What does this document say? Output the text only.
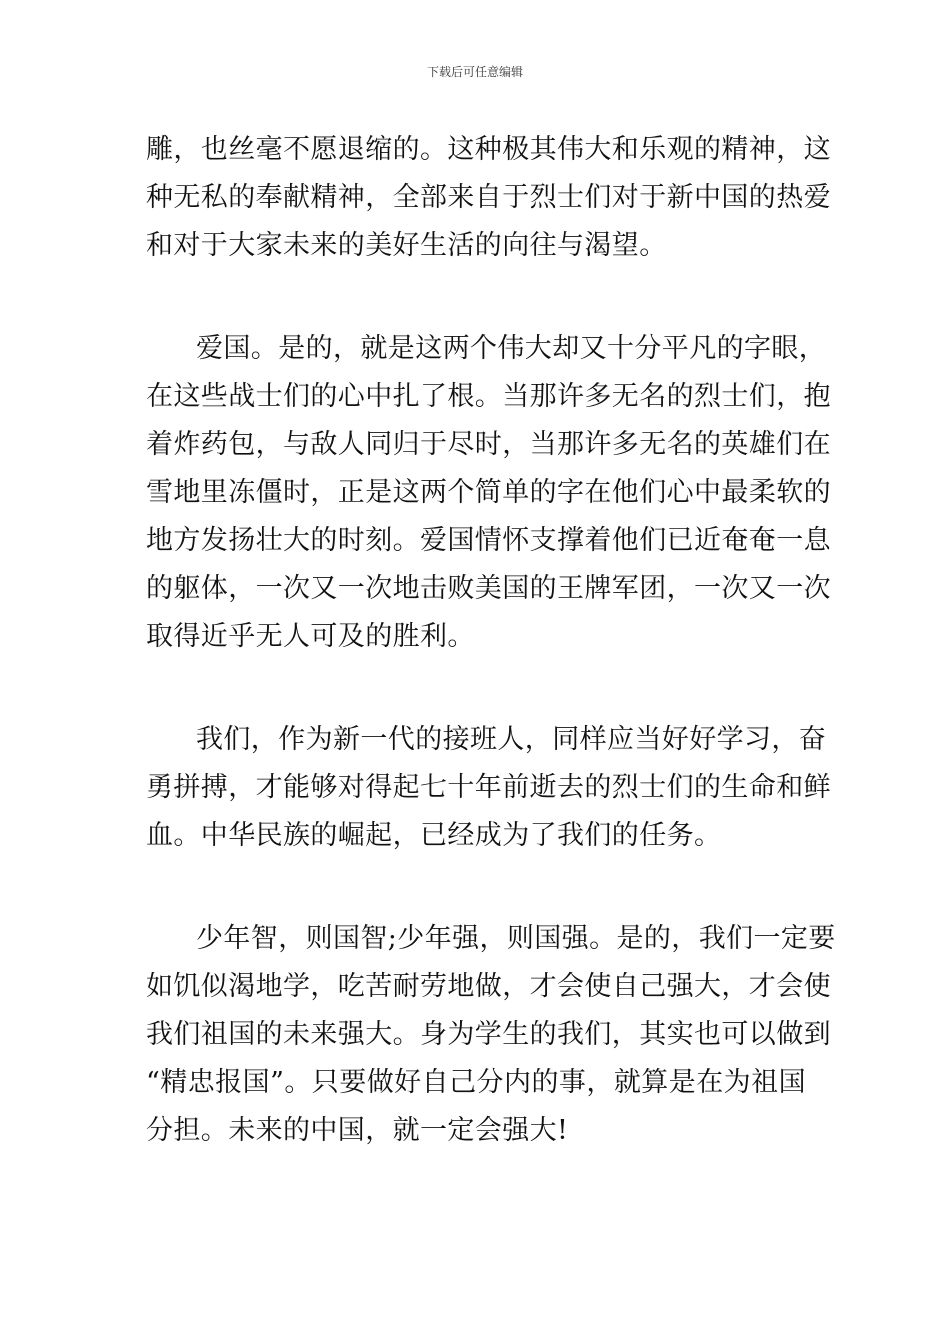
下载后可任意编辑
雕，也丝毫不愿退缩的。这种极其伟大和乐观的精神，这
种无私的奉献精神，全部来自于烈士们对于新中国的热爱
和对于大家未来的美好生活的向往与渴望。
爱国。是的，就是这两个伟大却又十分平凡的字眼，
在这些战士们的心中扎了根。当那许多无名的烈士们，抱
着炸药包，与敌人同归于尽时，当那许多无名的英雄们在
雪地里冻僵时，正是这两个简单的字在他们心中最柔软的
地方发扬壮大的时刻。爱国情怀支撑着他们已近奄奄一息
的躯体，一次又一次地击败美国的王牌军团，一次又一次
取得近乎无人可及的胜利。
我们，作为新一代的接班人，同样应当好好学习，奋
勇拼搏，才能够对得起七十年前逝去的烈士们的生命和鲜
血。中华民族的崛起，已经成为了我们的任务。
少年智，则国智;少年强，则国强。是的，我们一定要
如饥似渴地学，吃苦耐劳地做，才会使自己强大，才会使
我们祖国的未来强大。身为学生的我们，其实也可以做到
“精忠报国”。只要做好自己分内的事，就算是在为祖国
分担。未来的中国，就一定会强大!
